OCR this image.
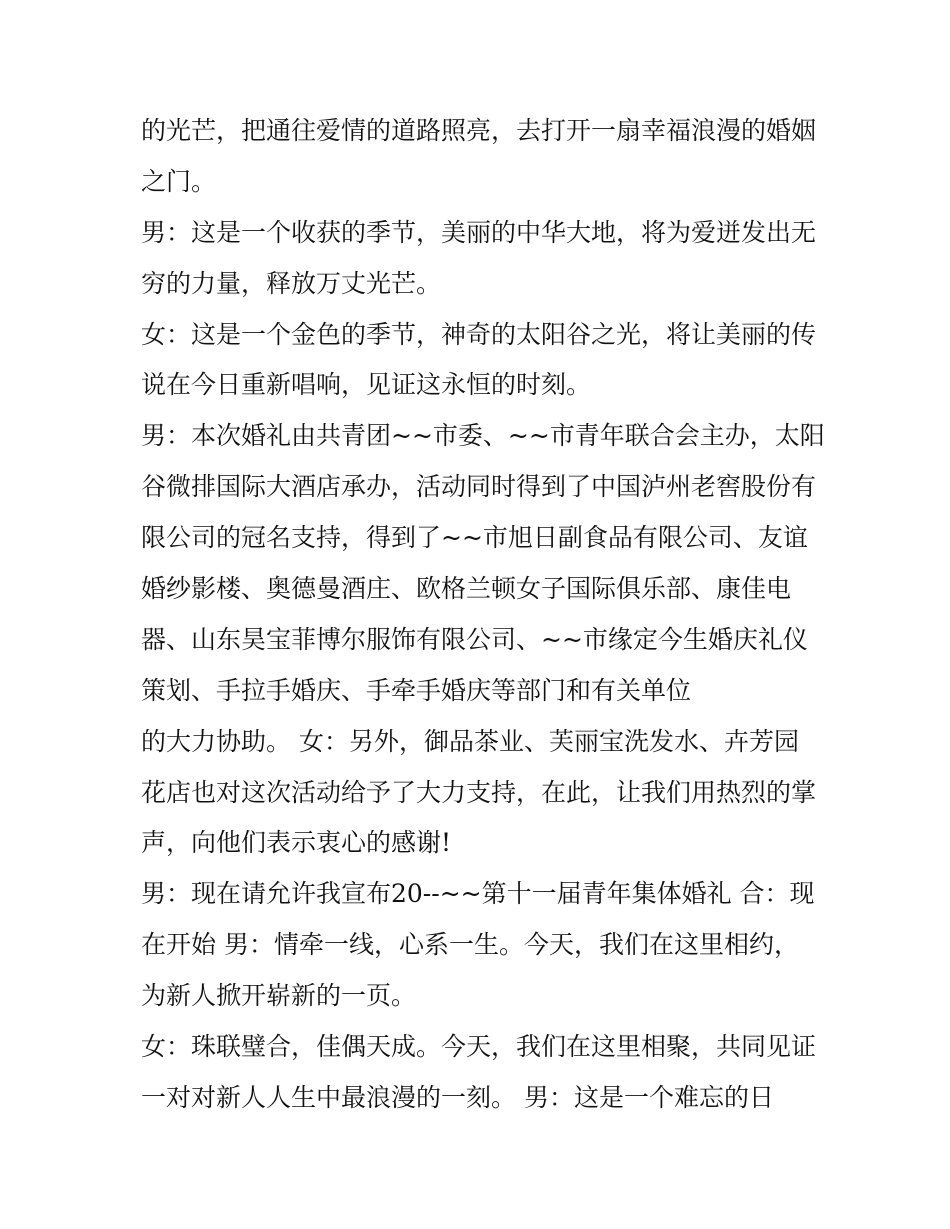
的光芒，把通往爱情的道路照亮，去打开一扇幸福浪漫的婚姻
之门。
男：这是一个收获的季节，美丽的中华大地，将为爱迸发出无
穷的力量，释放万丈光芒。
女：这是一个金色的季节，神奇的太阳谷之光，将让美丽的传
说在今日重新唱响，见证这永恒的时刻。
男：本次婚礼由共青团~~市委、~~市青年联合会主办，太阳
谷微排国际大酒店承办，活动同时得到了中国泸州老窖股份有
限公司的冠名支持，得到了~~市旭日副食品有限公司、友谊
婚纱影楼、奥德曼酒庄、欧格兰顿女子国际俱乐部、康佳电
器、山东昊宝菲博尔服饰有限公司、~~市缘定今生婚庆礼仪
策划、手拉手婚庆、手牵手婚庆等部门和有关单位
的大力协助。 女：另外，御品茶业、芙丽宝洗发水、卉芳园
花店也对这次活动给予了大力支持，在此，让我们用热烈的掌
声，向他们表示衷心的感谢!
男：现在请允许我宣布20--~~第十一届青年集体婚礼 合：现
在开始 男：情牵一线，心系一生。今天，我们在这里相约，
为新人掀开崭新的一页。
女：珠联璧合，佳偶天成。今天，我们在这里相聚，共同见证
一对对新人人生中最浪漫的一刻。 男：这是一个难忘的日
